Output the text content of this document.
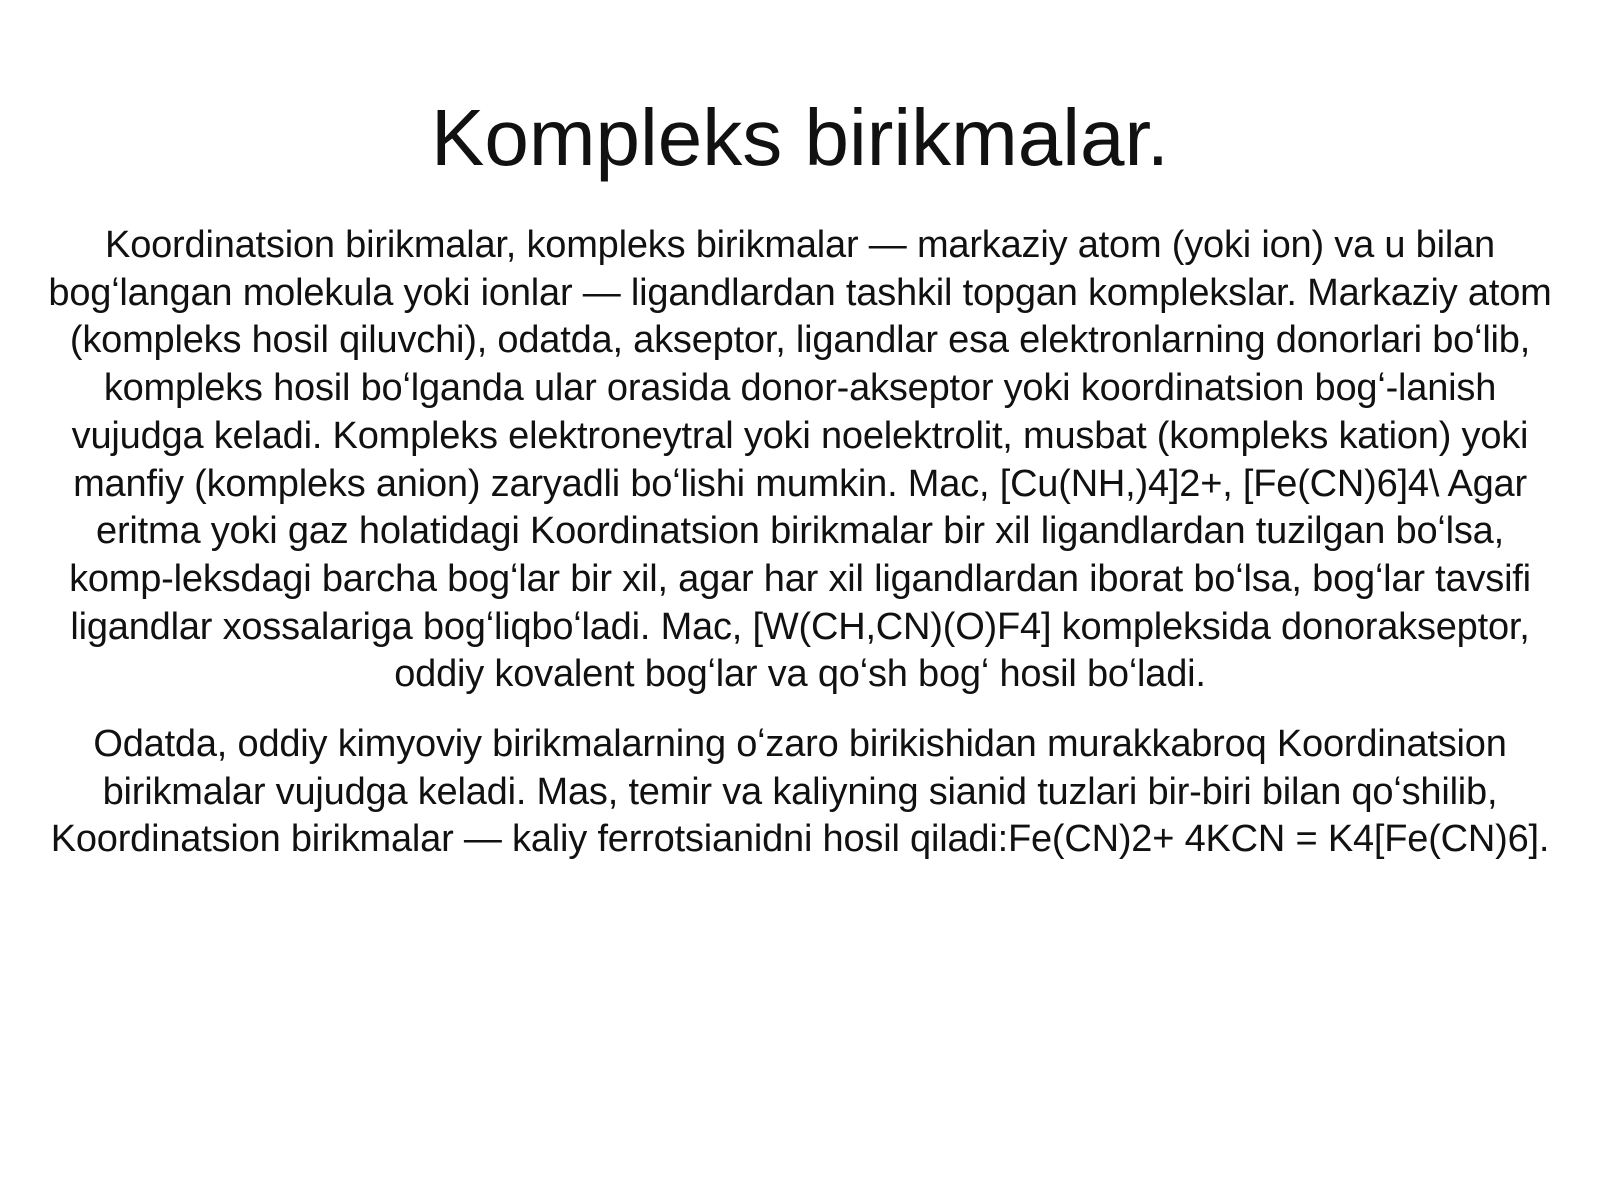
Kompleks birikmalar.

Koordinatsion birikmalar, kompleks birikmalar — markaziy atom (yoki ion) va u bilan bogʻlangan molekula yoki ionlar — ligandlardan tashkil topgan komplekslar. Markaziy atom (kompleks hosil qiluvchi), odatda, akseptor, ligandlar esa elektronlarning donorlari boʻlib, kompleks hosil boʻlganda ular orasida donor-akseptor yoki koordinatsion bogʻ-lanish vujudga keladi. Kompleks elektroneytral yoki noelektrolit, musbat (kompleks kation) yoki manfiy (kompleks anion) zaryadli boʻlishi mumkin. Mac, [Cu(NH,)4]2+, [Fe(CN)6]4\ Agar eritma yoki gaz holatidagi Koordinatsion birikmalar bir xil ligandlardan tuzilgan boʻlsa, komp-leksdagi barcha bogʻlar bir xil, agar har xil ligandlardan iborat boʻlsa, bogʻlar tavsifi ligandlar xossalariga bogʻliqboʻladi. Mac, [W(CH,CN)(O)F4] kompleksida donorakseptor, oddiy kovalent bogʻlar va qoʻsh bogʻ hosil boʻladi.

Odatda, oddiy kimyoviy birikmalarning oʻzaro birikishidan murakkabroq Koordinatsion birikmalar vujudga keladi. Mas, temir va kaliyning sianid tuzlari bir-biri bilan qoʻshilib, Koordinatsion birikmalar — kaliy ferrotsianidni hosil qiladi:Fe(CN)2+ 4KCN = K4[Fe(CN)6].
